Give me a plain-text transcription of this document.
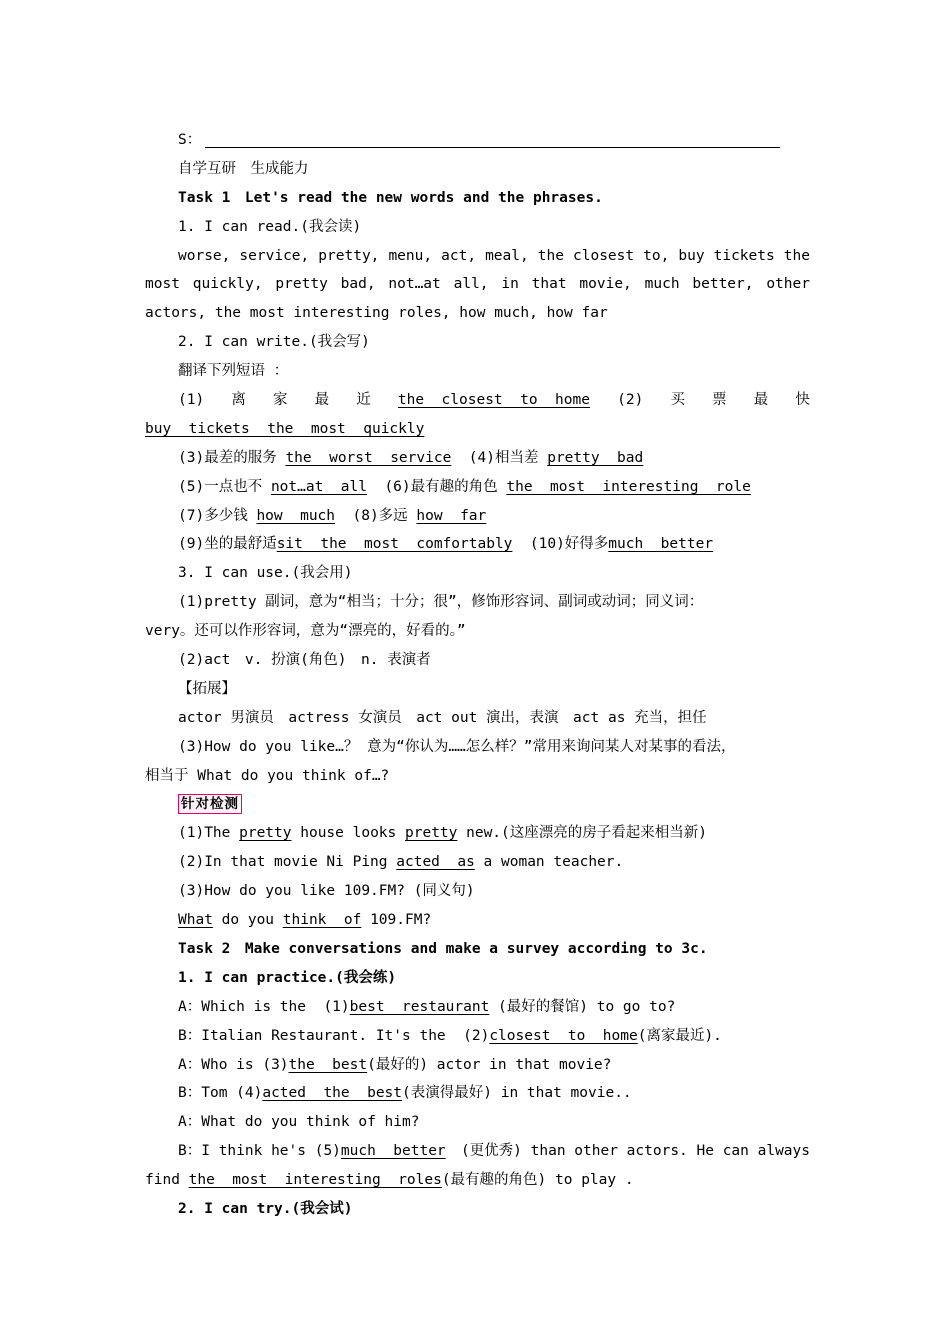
S：
自学互研　生成能力
Task 1　Let's read the new words and the phrases.
1. I can read.(我会读)
worse, service, pretty, menu, act, meal, the closest to, buy tickets the
most quickly, pretty bad, not…at all, in that movie, much better, other
actors, the most interesting roles, how much, how far
2. I can write.(我会写)
翻译下列短语 ：
(1) 离 家 最 近 the  closest  to  home (2) 买 票 最 快
buy  tickets  the  most  quickly
(3)最差的服务 the  worst  service (4)相当差 pretty  bad
(5)一点也不 not…at  all (6)最有趣的角色 the  most  interesting  role
(7)多少钱 how  much (8)多远 how  far
(9)坐的最舒适sit  the  most  comfortably (10)好得多much  better
3. I can use.(我会用)
(1)pretty 副词，意为“相当；十分；很”，修饰形容词、副词或动词；同义词：
very。还可以作形容词，意为“漂亮的，好看的。”
(2)act　v. 扮演(角色)　n. 表演者
【拓展】
actor 男演员　actress 女演员　act out 演出，表演　act as 充当，担任
(3)How do you like…？ 意为“你认为……怎么样？”常用来询问某人对某事的看法，
相当于 What do you think of…?
针对检测
(1)The pretty house looks pretty new.(这座漂亮的房子看起来相当新)
(2)In that movie Ni Ping acted  as a woman teacher.
(3)How do you like 109.FM? (同义句)
What do you think  of 109.FM?
Task 2　Make conversations and make a survey according to 3c.
1. I can practice.(我会练)
A：Which is the  (1)best  restaurant (最好的餐馆) to go to?
B：Italian Restaurant. It's the  (2)closest  to  home(离家最近).
A：Who is (3)the  best(最好的) actor in that movie?
B：Tom (4)acted  the  best(表演得最好) in that movie..
A：What do you think of him?
B：I think he's (5)much  better (更优秀) than other actors. He can always
find the  most  interesting  roles(最有趣的角色) to play .
2. I can try.(我会试)
